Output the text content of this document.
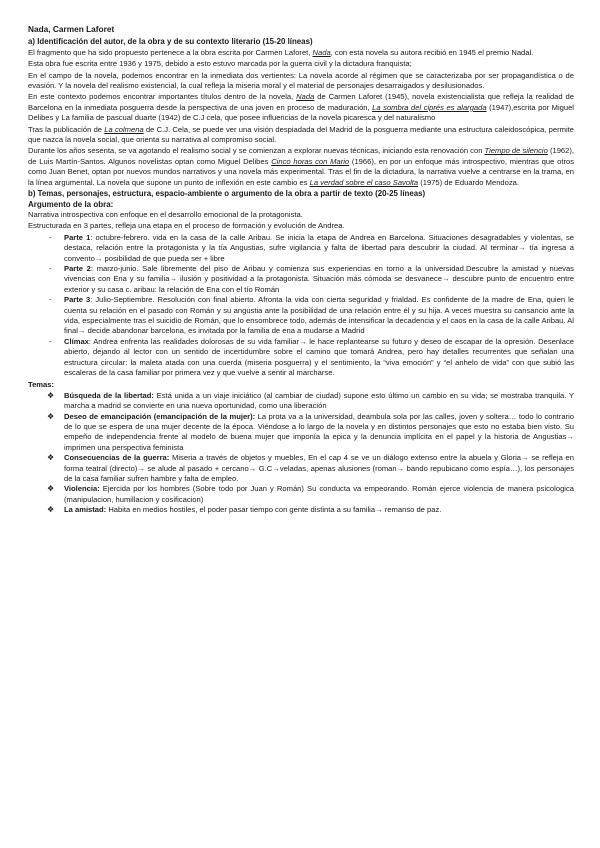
Nada, Carmen Laforet
a) Identificación del autor, de la obra y de su contexto literario (15-20 líneas)

El fragmento que ha sido propuesto pertenece a la obra escrita por Carmen Laforet, Nada, con esta novela su autora recibió en 1945 el premio Nadal.

Esta obra fue escrita entre 1936 y 1975, debido a esto estuvo marcada por la guerra civil y la dictadura franquista;

En el campo de la novela, podemos encontrar en la inmediata dos vertientes: La novela acorde al régimen que se caracterizaba por ser propagandística o de evasión. Y la novela del realismo existencial, la cual refleja la miseria moral y el material de personajes desarraigados y desilusionados.

En este contexto podemos encontrar importantes títulos dentro de la novela, Nada de Carmen Laforet (1945), novela existencialista que refleja la realidad de Barcelona en la inmediata posguerra desde la perspectiva de una joven en proceso de maduración, La sombra del ciprés es alargada (1947),escrita por Miguel Delibes y La familia de pascual duarte (1942) de C.J cela, que posee influencias de la novela picaresca y del naturalismo

Tras la publicación de La colmena de C.J. Cela, se puede ver una visión despiadada del Madrid de la posguerra mediante una estructura caleidoscópica, permite que nazca la novela social, que orienta su narrativa al compromiso social.

Durante los años sesenta, se va agotando el realismo social y se comienzan a explorar nuevas técnicas, iniciando esta renovación con Tiempo de silencio (1962), de Luis Martín-Santos. Algunos novelistas optan como Miguel Delibes Cinco horas con Mario (1966), en por un enfoque más introspectivo, mientras que otros como Juan Benet, optan por nuevos mundos narrativos y una novela más experimental. Tras el fin de la dictadura, la narrativa vuelve a centrarse en la trama, en la línea argumental. La novela que supone un punto de inflexión en este cambio es La verdad sobre el caso Savolta (1975) de Eduardo Mendoza.

b) Temas, personajes, estructura, espacio-ambiente o argumento de la obra a partir de texto (20-25 líneas)
Argumento de la obra:

Narrativa introspectiva con enfoque en el desarrollo emocional de la protagonista.

Estructurada en 3 partes, refleja una etapa en el proceso de formación y evolución de Andrea.

- Parte 1: octubre-febrero. vida en la casa de la calle Aribau. Se inicia la etapa de Andrea en Barcelona. Situaciones desagradables y violentas, se destaca, relación entre la protagonista y la tía Angustias, sufre vigilancia y falta de libertad para descubrir la ciudad. Al terminar→ tía ingresa a convento→ posibilidad de que pueda ser + libre
- Parte 2: marzo-junio. Sale libremente del piso de Aribau y comienza sus experiencias en torno a la universidad.Descubre la amistad y nuevas vivencias con Ena y su familia→ ilusión y positividad a la protagonista. Situación más cómoda se desvanece→ descubre punto de encuentro entre exterior y su casa c. aribau: la relación de Ena con el tío Román
- Parte 3: Julio-Septiembre. Resolución con final abierto. Afronta la vida con cierta seguridad y frialdad. Es confidente de la madre de Ena, quien le cuenta su relación en el pasado con Román y su angustia ante la posibilidad de una relación entre él y su hija. A veces muestra su cansancio ante la vida, especialmente tras el suicidio de Román, que lo ensombrece todo, además de intensificar la decadencia y el caos en la casa de la calle Aribau. Al final→ decide abandonar barcelona, es invitada por la familia de ena a mudarse a Madrid
- Clímax: Andrea enfrenta las realidades dolorosas de su vida familiar→ le hace replantearse su futuro y deseo de escapar de la opresión. Desenlace abierto, dejando al lector con un sentido de incertidumbre sobre el camino que tomará Andrea, pero hay detalles recurrentes que señalan una estructura circular: la maleta atada con una cuerda (miseria posguerra) y el sentimiento, la “viva emoción” y “el anhelo de vida” con que subió las escaleras de la casa familiar por primera vez y que vuelve a sentir al marcharse.
Temas:
❖ Búsqueda de la libertad: Está unida a un viaje iniciático (al cambiar de ciudad) supone esto último un cambio en su vida; se mostraba tranquila. Y marcha a madrid se convierte en una nueva oportunidad, como una liberación
❖ Deseo de emancipación (emancipación de la mujer): La prota va a la universidad, deambula sola por las calles, joven y soltera… todo lo contrario de lo que se espera de una mujer decente de la época. Viéndose a lo largo de la novela y en distintos personajes que esto no estaba bien visto. Su empeño de independencia frente al modelo de buena mujer que imponía la epica y la denuncia implícita en el papel y la historia de Angustias→ imprimen una perspectiva feminista
❖ Consecuencias de la guerra: Miseria a través de objetos y muebles, En el cap 4 se ve un diálogo extenso entre la abuela y Gloria→ se refleja en forma teatral (directo)→ se alude al pasado + cercano→ G.C→veladas, apenas alusiones (roman→ bando repubicano como espía…), los personajes de la casa familiar sufren hambre y falta de empleo.
❖ Violencia: Ejercida por los hombres (Sobre todo por Juan y Román) Su conducta va empeorando. Román ejerce violencia de manera psicologica (manipulacion, humillacion y cosificacion)
❖ La amistad: Habita en medios hostiles, el poder pasar tiempo con gente distinta a su familia→ remanso de paz.
